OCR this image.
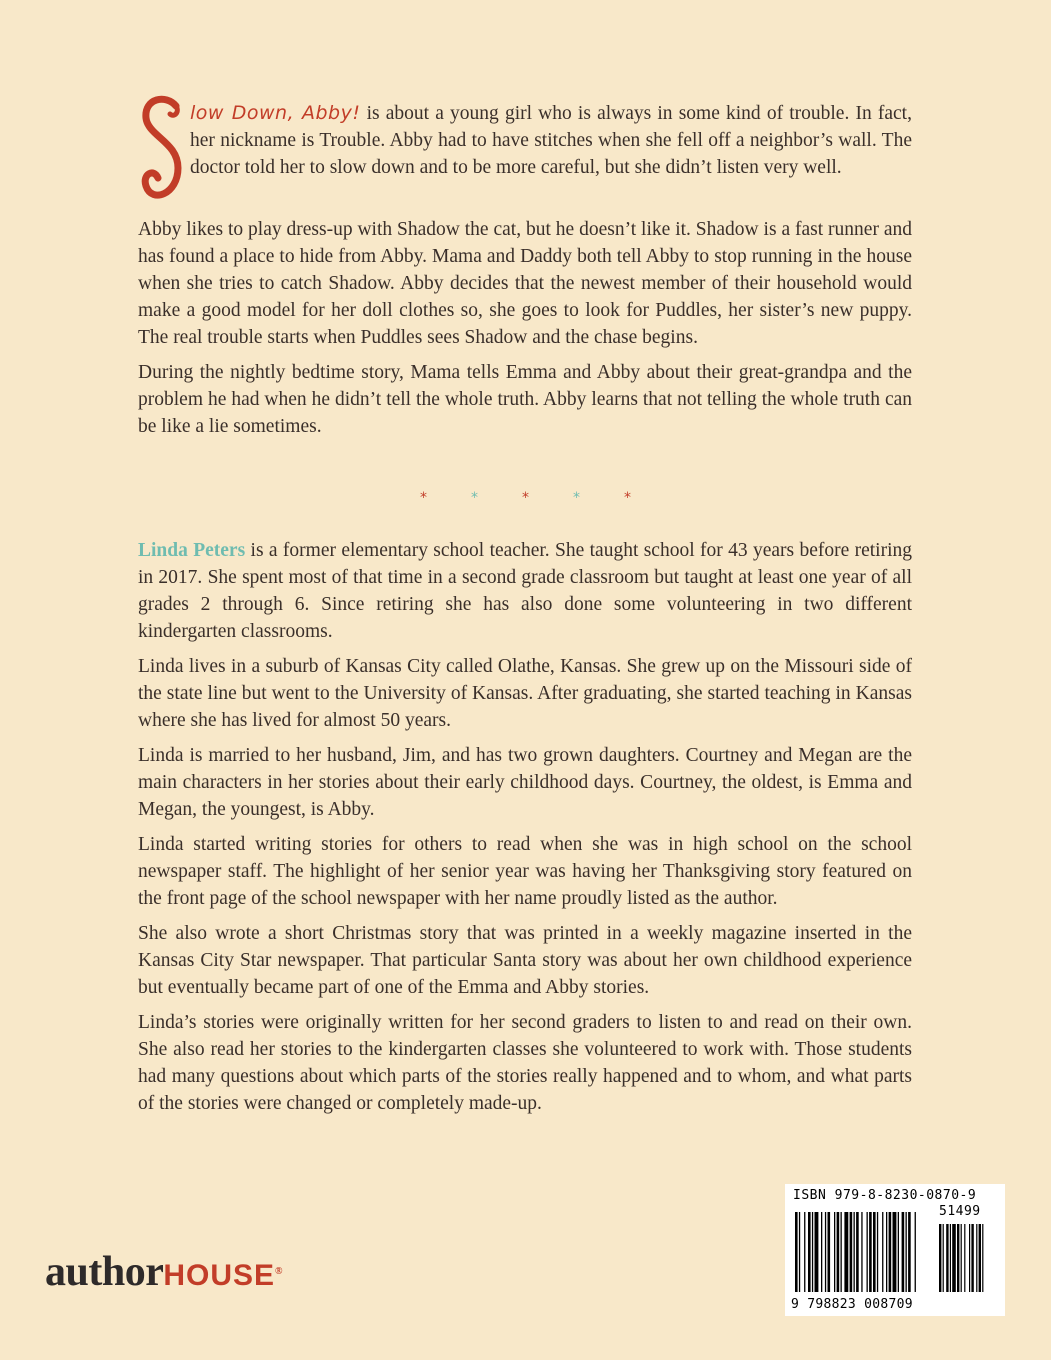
low Down, Abby! is about a young girl who is always in some kind of trouble. In fact, her nickname is Trouble. Abby had to have stitches when she fell off a neighbor’s wall. The doctor told her to slow down and to be more careful, but she didn’t listen very well.

Abby likes to play dress-up with Shadow the cat, but he doesn’t like it. Shadow is a fast runner and has found a place to hide from Abby. Mama and Daddy both tell Abby to stop running in the house when she tries to catch Shadow. Abby decides that the newest member of their household would make a good model for her doll clothes so, she goes to look for Puddles, her sister’s new puppy. The real trouble starts when Puddles sees Shadow and the chase begins.

During the nightly bedtime story, Mama tells Emma and Abby about their great-grandpa and the problem he had when he didn’t tell the whole truth. Abby learns that not telling the whole truth can be like a lie sometimes.

*	*	*	*	*

Linda Peters is a former elementary school teacher. She taught school for 43 years before retiring in 2017. She spent most of that time in a second grade classroom but taught at least one year of all grades 2 through 6. Since retiring she has also done some volunteering in two different kindergarten classrooms.

Linda lives in a suburb of Kansas City called Olathe, Kansas. She grew up on the Missouri side of the state line but went to the University of Kansas. After graduating, she started teaching in Kansas where she has lived for almost 50 years.

Linda is married to her husband, Jim, and has two grown daughters. Courtney and Megan are the main characters in her stories about their early childhood days. Courtney, the oldest, is Emma and Megan, the youngest, is Abby.

Linda started writing stories for others to read when she was in high school on the school newspaper staff. The highlight of her senior year was having her Thanksgiving story featured on the front page of the school newspaper with her name proudly listed as the author.

She also wrote a short Christmas story that was printed in a weekly magazine inserted in the Kansas City Star newspaper. That particular Santa story was about her own childhood experience but eventually became part of one of the Emma and Abby stories.

Linda’s stories were originally written for her second graders to listen to and read on their own. She also read her stories to the kindergarten classes she volunteered to work with. Those students had many questions about which parts of the stories really happened and to whom, and what parts of the stories were changed or completely made-up.

authorHOUSE®
ISBN 979-8-8230-0870-9
51499
9 798823 008709
